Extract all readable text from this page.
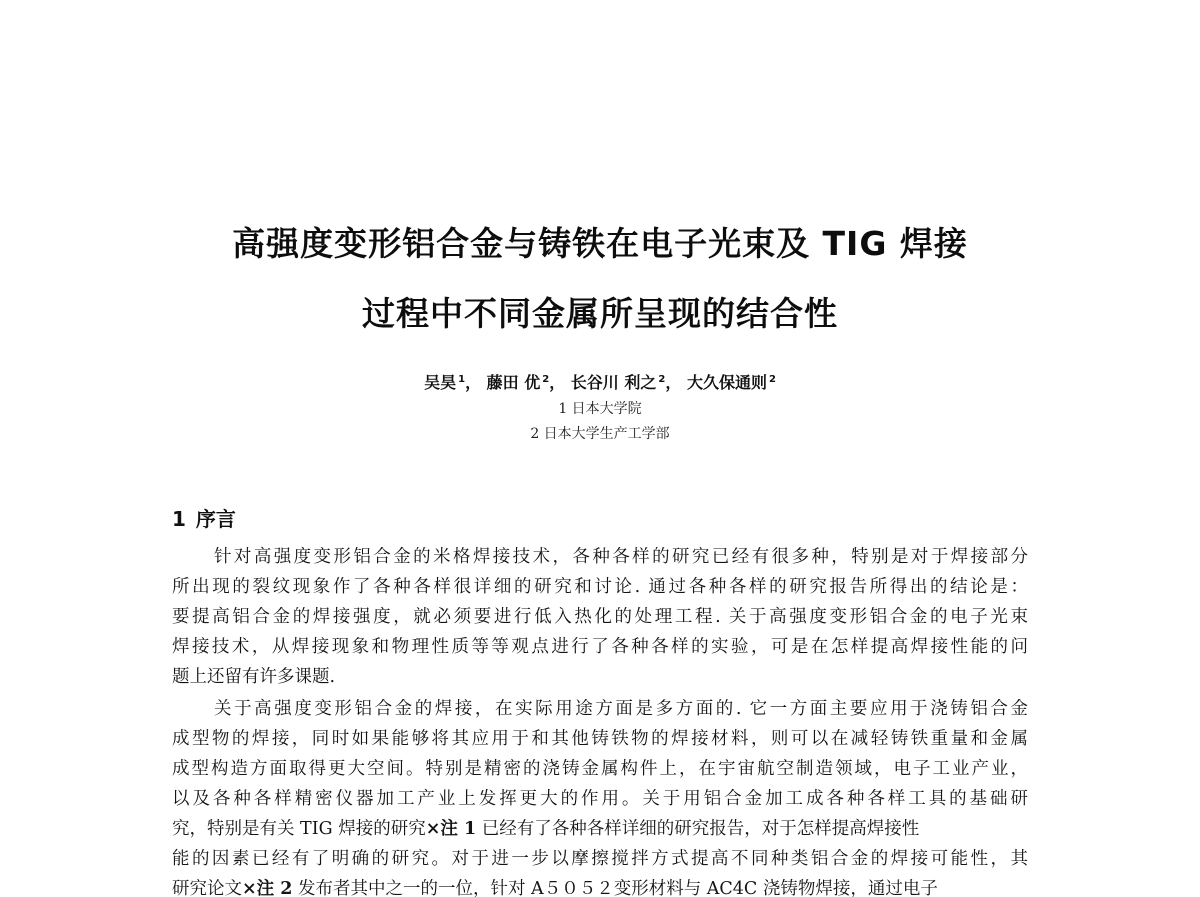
高强度变形铝合金与铸铁在电子光束及 TIG 焊接
过程中不同金属所呈现的结合性
吴昊 $^1$， 藤田 优 $^2$， 长谷川 利之 $^2$， 大久保通则 $^2$
1 日本大学院
2 日本大学生产工学部
1 序言
针对高强度变形铝合金的米格焊接技术，各种各样的研究已经有很多种，特别是对于焊接部分
所出现的裂纹现象作了各种各样很详细的研究和讨论. 通过各种各样的研究报告所得出的结论是：
要提高铝合金的焊接强度，就必须要进行低入热化的处理工程. 关于高强度变形铝合金的电子光束
焊接技术，从焊接现象和物理性质等等观点进行了各种各样的实验，可是在怎样提高焊接性能的问
题上还留有许多课题.
关于高强度变形铝合金的焊接，在实际用途方面是多方面的. 它一方面主要应用于浇铸铝合金
成型物的焊接，同时如果能够将其应用于和其他铸铁物的焊接材料，则可以在减轻铸铁重量和金属
成型构造方面取得更大空间。特别是精密的浇铸金属构件上，在宇宙航空制造领域，电子工业产业，
以及各种各样精密仪器加工产业上发挥更大的作用。关于用铝合金加工成各种各样工具的基础研
究，特别是有关 TIG 焊接的研究×注 1 已经有了各种各样详细的研究报告，对于怎样提高焊接性
能的因素已经有了明确的研究。对于进一步以摩擦搅拌方式提高不同种类铝合金的焊接可能性，其
研究论文×注 2 发布者其中之一的一位，针对 A５０５２变形材料与 AC4C 浇铸物焊接，通过电子
